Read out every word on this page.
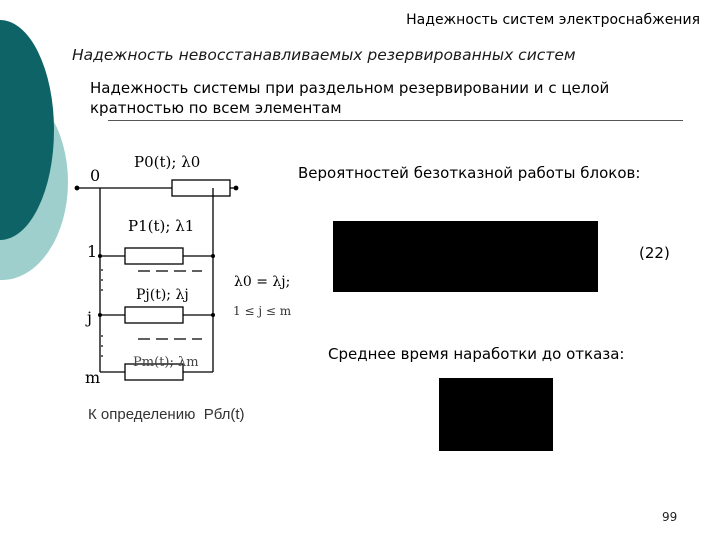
Надежность систем электроснабжения
Надежность невосстанавливаемых резервированных систем
Надежность системы при раздельном резервировании и с целой кратностью по всем элементам
0
1
j
m
P0(t); λ0
P1(t); λ1
Pj(t); λj
Pm(t); λm
λ0 = λj;
1 ≤ j ≤ m
Вероятностей безотказной работы блоков:
(22)
Среднее время наработки до отказа:
К определению Pбл(t)
99
